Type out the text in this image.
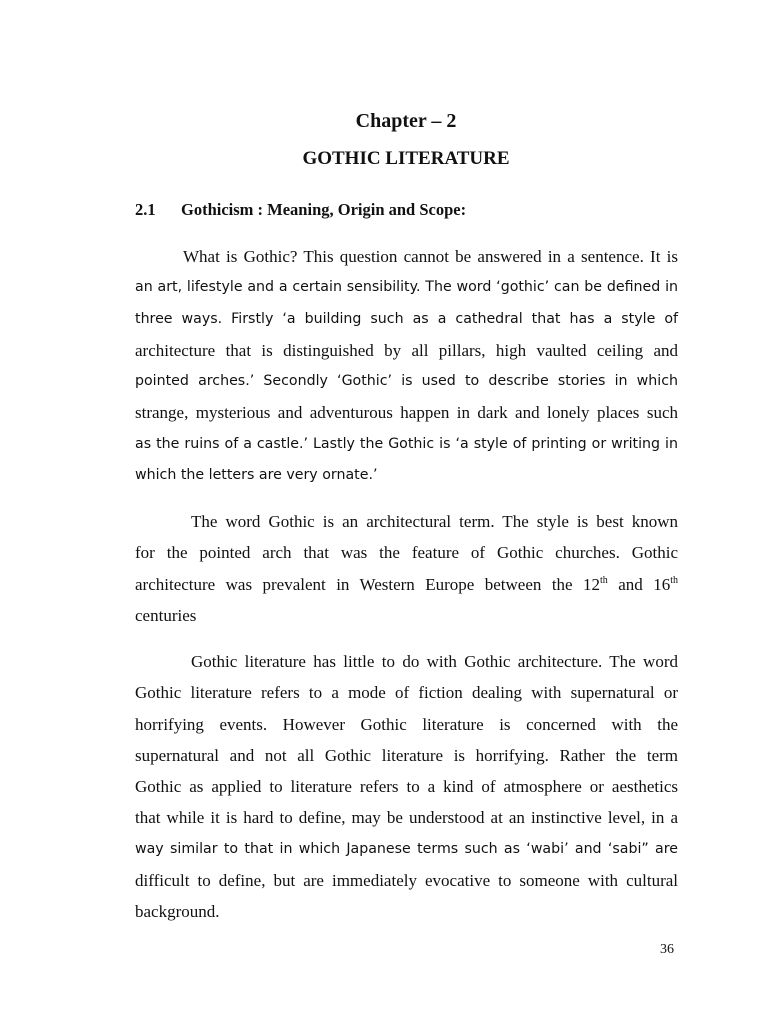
Chapter – 2
GOTHIC LITERATURE
2.1 Gothicism : Meaning, Origin and Scope:
What is Gothic? This question cannot be answered in a sentence. It is
an art, lifestyle and a certain sensibility. The word ‘gothic’ can be defined in
three ways. Firstly ‘a building such as a cathedral that has a style of
architecture that is distinguished by all pillars, high vaulted ceiling and
pointed arches.’ Secondly ‘Gothic’ is used to describe stories in which
strange, mysterious and adventurous happen in dark and lonely places such
as the ruins of a castle.’ Lastly the Gothic is ‘a style of printing or writing in
which the letters are very ornate.’
The word Gothic is an architectural term. The style is best known
for the pointed arch that was the feature of Gothic churches. Gothic
architecture was prevalent in Western Europe between the 12th and 16th
centuries
Gothic literature has little to do with Gothic architecture. The word
Gothic literature refers to a mode of fiction dealing with supernatural or
horrifying events. However Gothic literature is concerned with the
supernatural and not all Gothic literature is horrifying. Rather the term
Gothic as applied to literature refers to a kind of atmosphere or aesthetics
that while it is hard to define, may be understood at an instinctive level, in a
way similar to that in which Japanese terms such as ‘wabi’ and ‘sabi” are
difficult to define, but are immediately evocative to someone with cultural
background.
36
